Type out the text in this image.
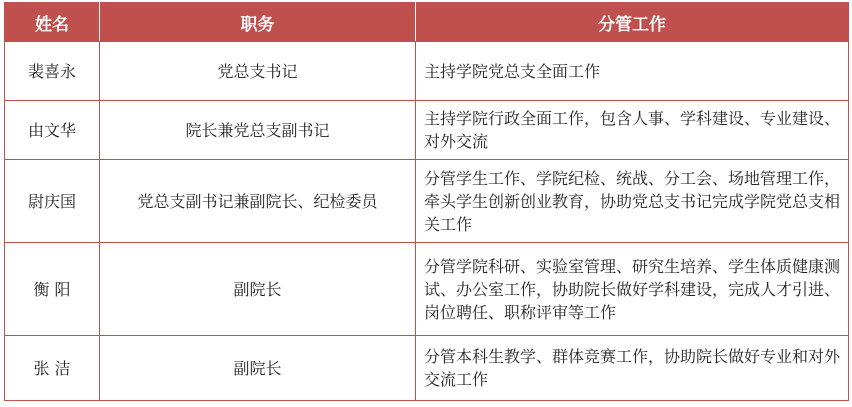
姓名	职务	分管工作
裴喜永	党总支书记	主持学院党总支全面工作
由文华	院长兼党总支副书记	主持学院行政全面工作，包含人事、学科建设、专业建设、对外交流
尉庆国	党总支副书记兼副院长、纪检委员	分管学生工作、学院纪检、统战、分工会、场地管理工作，牵头学生创新创业教育，协助党总支书记完成学院党总支相关工作
衡 阳	副院长	分管学院科研、实验室管理、研究生培养、学生体质健康测试、办公室工作，协助院长做好学科建设，完成人才引进、岗位聘任、职称评审等工作
张 洁	副院长	分管本科生教学、群体竞赛工作，协助院长做好专业和对外交流工作
